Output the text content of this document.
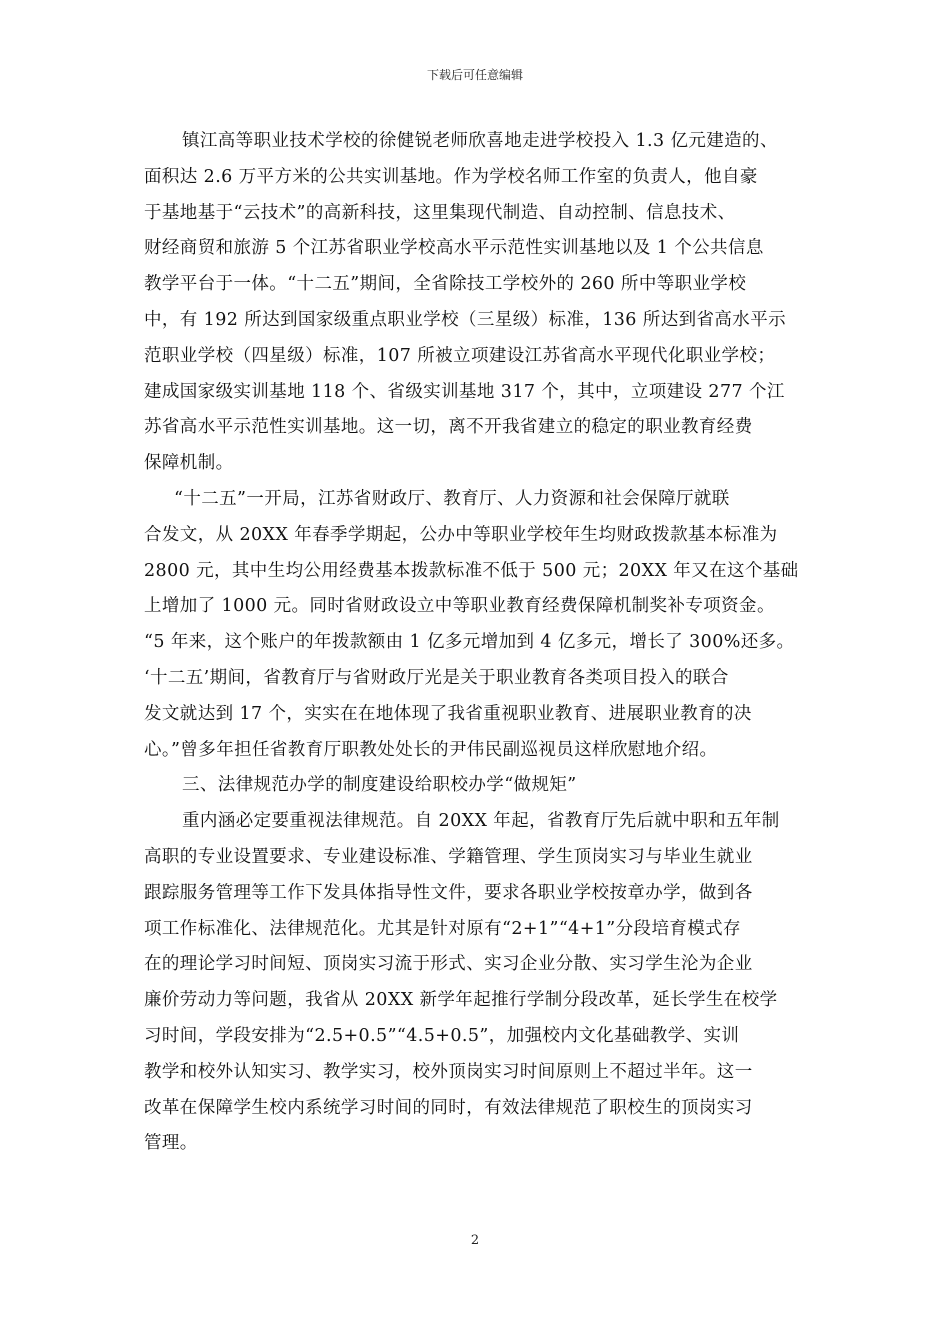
下载后可任意编辑
镇江高等职业技术学校的徐健锐老师欣喜地走进学校投入 1.3 亿元建造的、
面积达 2.6 万平方米的公共实训基地。作为学校名师工作室的负责人，他自豪
于基地基于“云技术”的高新科技，这里集现代制造、自动控制、信息技术、
财经商贸和旅游 5 个江苏省职业学校高水平示范性实训基地以及 1 个公共信息
教学平台于一体。“十二五”期间，全省除技工学校外的 260 所中等职业学校
中，有 192 所达到国家级重点职业学校（三星级）标准，136 所达到省高水平示
范职业学校（四星级）标准，107 所被立项建设江苏省高水平现代化职业学校；
建成国家级实训基地 118 个、省级实训基地 317 个，其中，立项建设 277 个江
苏省高水平示范性实训基地。这一切，离不开我省建立的稳定的职业教育经费
保障机制。
“十二五”一开局，江苏省财政厅、教育厅、人力资源和社会保障厅就联
合发文，从 20XX 年春季学期起，公办中等职业学校年生均财政拨款基本标准为
2800 元，其中生均公用经费基本拨款标准不低于 500 元；20XX 年又在这个基础
上增加了 1000 元。同时省财政设立中等职业教育经费保障机制奖补专项资金。
“5 年来，这个账户的年拨款额由 1 亿多元增加到 4 亿多元，增长了 300%还多。
‘十二五’期间，省教育厅与省财政厅光是关于职业教育各类项目投入的联合
发文就达到 17 个，实实在在地体现了我省重视职业教育、进展职业教育的决
心。”曾多年担任省教育厅职教处处长的尹伟民副巡视员这样欣慰地介绍。
三、法律规范办学的制度建设给职校办学“做规矩”
重内涵必定要重视法律规范。自 20XX 年起，省教育厅先后就中职和五年制
高职的专业设置要求、专业建设标准、学籍管理、学生顶岗实习与毕业生就业
跟踪服务管理等工作下发具体指导性文件，要求各职业学校按章办学，做到各
项工作标准化、法律规范化。尤其是针对原有“2+1”“4+1”分段培育模式存
在的理论学习时间短、顶岗实习流于形式、实习企业分散、实习学生沦为企业
廉价劳动力等问题，我省从 20XX 新学年起推行学制分段改革，延长学生在校学
习时间，学段安排为“2.5+0.5”“4.5+0.5”，加强校内文化基础教学、实训
教学和校外认知实习、教学实习，校外顶岗实习时间原则上不超过半年。这一
改革在保障学生校内系统学习时间的同时，有效法律规范了职校生的顶岗实习
管理。
2
